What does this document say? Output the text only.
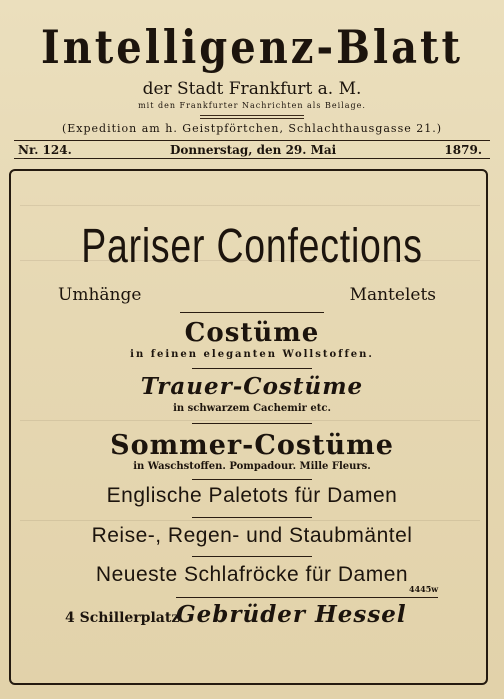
Intelligenz-Blatt
der Stadt Frankfurt a. M.
mit den Frankfurter Nachrichten als Beilage.
(Expedition am h. Geistpförtchen, Schlachthausgasse 21.)
Nr. 124.	Donnerstag, den 29. Mai	1879.
Pariser Confections
Umhänge	Mantelets
Costüme
in feinen eleganten Wollstoffen.
Trauer-Costüme
in schwarzem Cachemir etc.
Sommer-Costüme
in Waschstoffen. Pompadour. Mille Fleurs.
Englische Paletots für Damen
Reise-, Regen- und Staubmäntel
Neueste Schlafröcke für Damen
4445w
4 Schillerplatz
Gebrüder Hessel
